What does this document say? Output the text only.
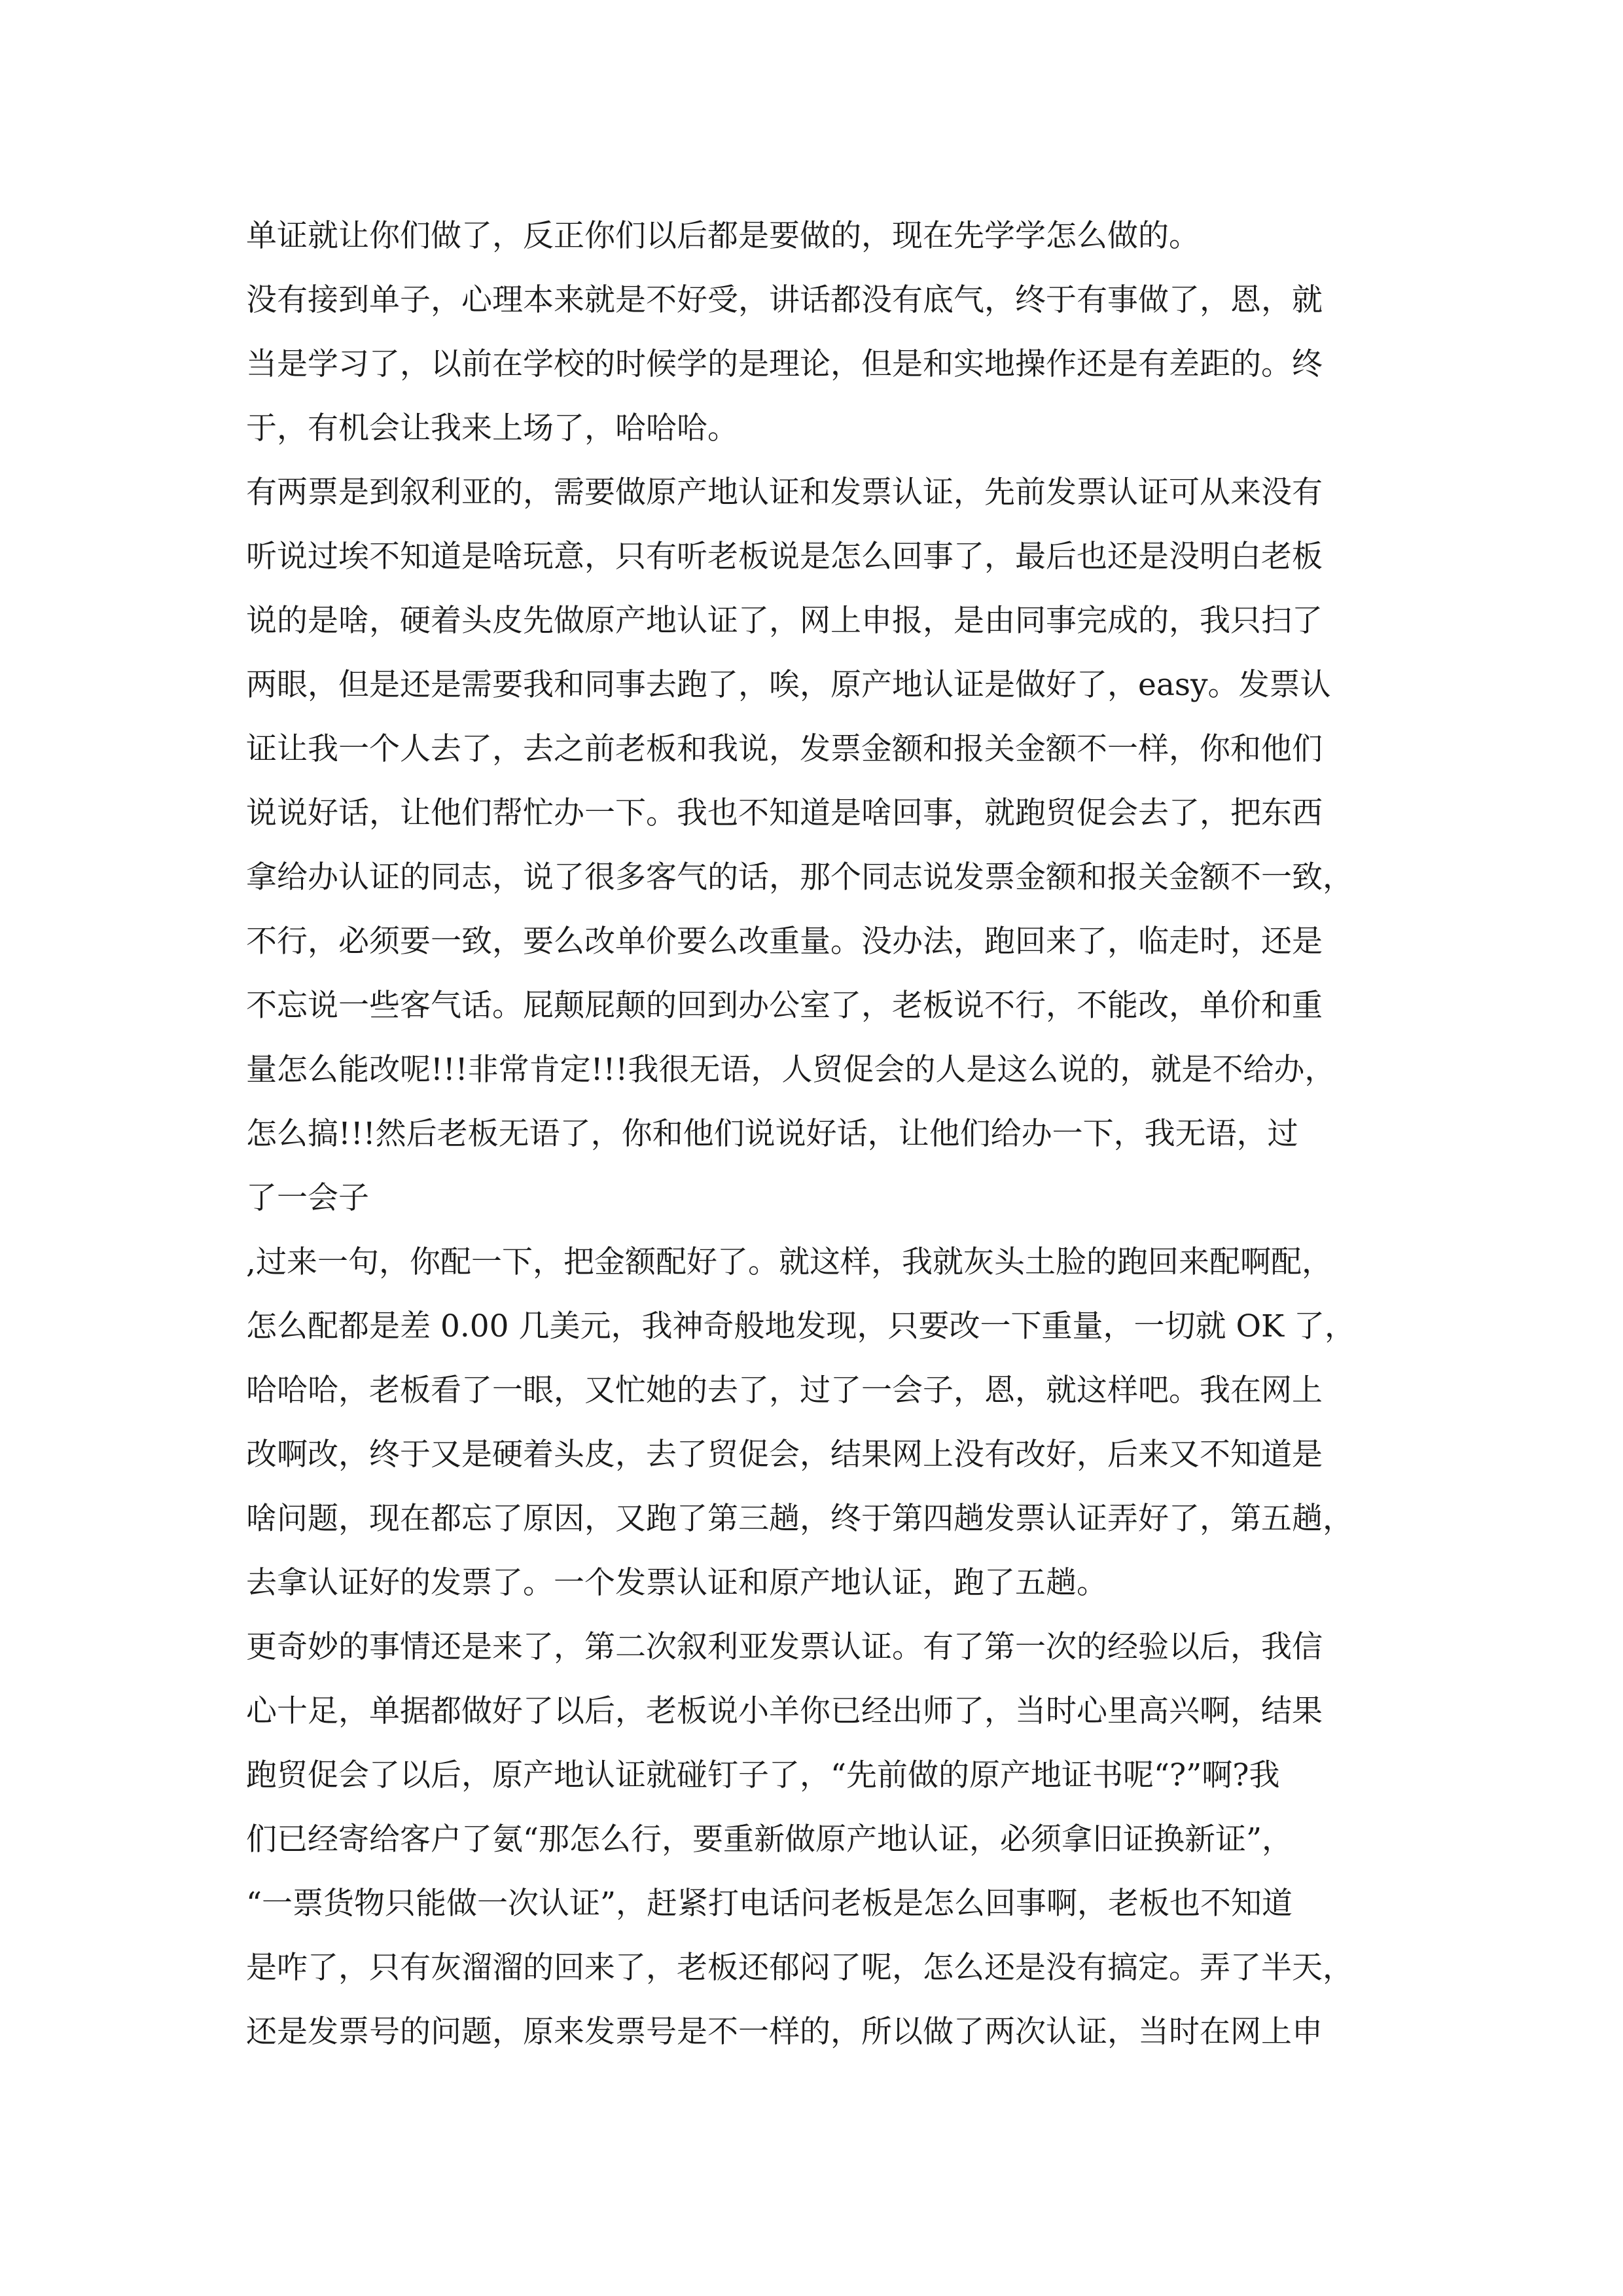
单证就让你们做了，反正你们以后都是要做的，现在先学学怎么做的。
没有接到单子，心理本来就是不好受，讲话都没有底气，终于有事做了，恩，就
当是学习了，以前在学校的时候学的是理论，但是和实地操作还是有差距的。终
于，有机会让我来上场了，哈哈哈。
有两票是到叙利亚的，需要做原产地认证和发票认证，先前发票认证可从来没有
听说过埃不知道是啥玩意，只有听老板说是怎么回事了，最后也还是没明白老板
说的是啥，硬着头皮先做原产地认证了，网上申报，是由同事完成的，我只扫了
两眼，但是还是需要我和同事去跑了，唉，原产地认证是做好了，easy。发票认
证让我一个人去了，去之前老板和我说，发票金额和报关金额不一样，你和他们
说说好话，让他们帮忙办一下。我也不知道是啥回事，就跑贸促会去了，把东西
拿给办认证的同志，说了很多客气的话，那个同志说发票金额和报关金额不一致，
不行，必须要一致，要么改单价要么改重量。没办法，跑回来了，临走时，还是
不忘说一些客气话。屁颠屁颠的回到办公室了，老板说不行，不能改，单价和重
量怎么能改呢!!!非常肯定!!!我很无语，人贸促会的人是这么说的，就是不给办，
怎么搞!!!然后老板无语了，你和他们说说好话，让他们给办一下，我无语，过
了一会子
,过来一句，你配一下，把金额配好了。就这样，我就灰头土脸的跑回来配啊配，
怎么配都是差 0.00 几美元，我神奇般地发现，只要改一下重量，一切就 OK 了，
哈哈哈，老板看了一眼，又忙她的去了，过了一会子，恩，就这样吧。我在网上
改啊改，终于又是硬着头皮，去了贸促会，结果网上没有改好，后来又不知道是
啥问题，现在都忘了原因，又跑了第三趟，终于第四趟发票认证弄好了，第五趟，
去拿认证好的发票了。一个发票认证和原产地认证，跑了五趟。
更奇妙的事情还是来了，第二次叙利亚发票认证。有了第一次的经验以后，我信
心十足，单据都做好了以后，老板说小羊你已经出师了，当时心里高兴啊，结果
跑贸促会了以后，原产地认证就碰钉子了，“先前做的原产地证书呢“?”啊?我
们已经寄给客户了氨“那怎么行，要重新做原产地认证，必须拿旧证换新证”，
“一票货物只能做一次认证”，赶紧打电话问老板是怎么回事啊，老板也不知道
是咋了，只有灰溜溜的回来了，老板还郁闷了呢，怎么还是没有搞定。弄了半天，
还是发票号的问题，原来发票号是不一样的，所以做了两次认证，当时在网上申
